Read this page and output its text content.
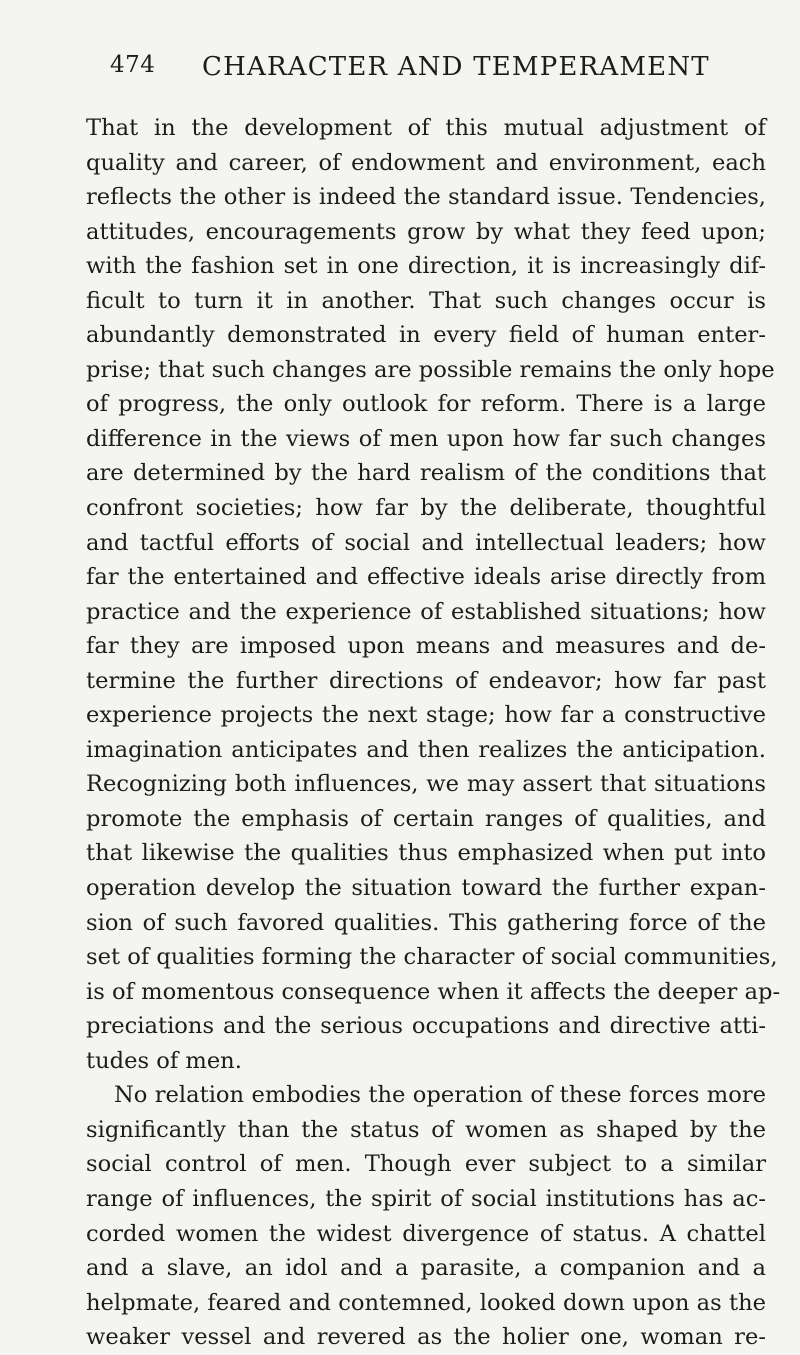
474 CHARACTER AND TEMPERAMENT
That in the development of this mutual adjustment of
quality and career, of endowment and environment, each
reflects the other is indeed the standard issue. Tendencies,
attitudes, encouragements grow by what they feed upon;
with the fashion set in one direction, it is increasingly dif-
ficult to turn it in another. That such changes occur is
abundantly demonstrated in every field of human enter-
prise; that such changes are possible remains the only hope
of progress, the only outlook for reform. There is a large
difference in the views of men upon how far such changes
are determined by the hard realism of the conditions that
confront societies; how far by the deliberate, thoughtful
and tactful efforts of social and intellectual leaders; how
far the entertained and effective ideals arise directly from
practice and the experience of established situations; how
far they are imposed upon means and measures and de-
termine the further directions of endeavor; how far past
experience projects the next stage; how far a constructive
imagination anticipates and then realizes the anticipation.
Recognizing both influences, we may assert that situations
promote the emphasis of certain ranges of qualities, and
that likewise the qualities thus emphasized when put into
operation develop the situation toward the further expan-
sion of such favored qualities. This gathering force of the
set of qualities forming the character of social communities,
is of momentous consequence when it affects the deeper ap-
preciations and the serious occupations and directive atti-
tudes of men.
No relation embodies the operation of these forces more
significantly than the status of women as shaped by the
social control of men. Though ever subject to a similar
range of influences, the spirit of social institutions has ac-
corded women the widest divergence of status. A chattel
and a slave, an idol and a parasite, a companion and a
helpmate, feared and contemned, looked down upon as the
weaker vessel and revered as the holier one, woman re-
